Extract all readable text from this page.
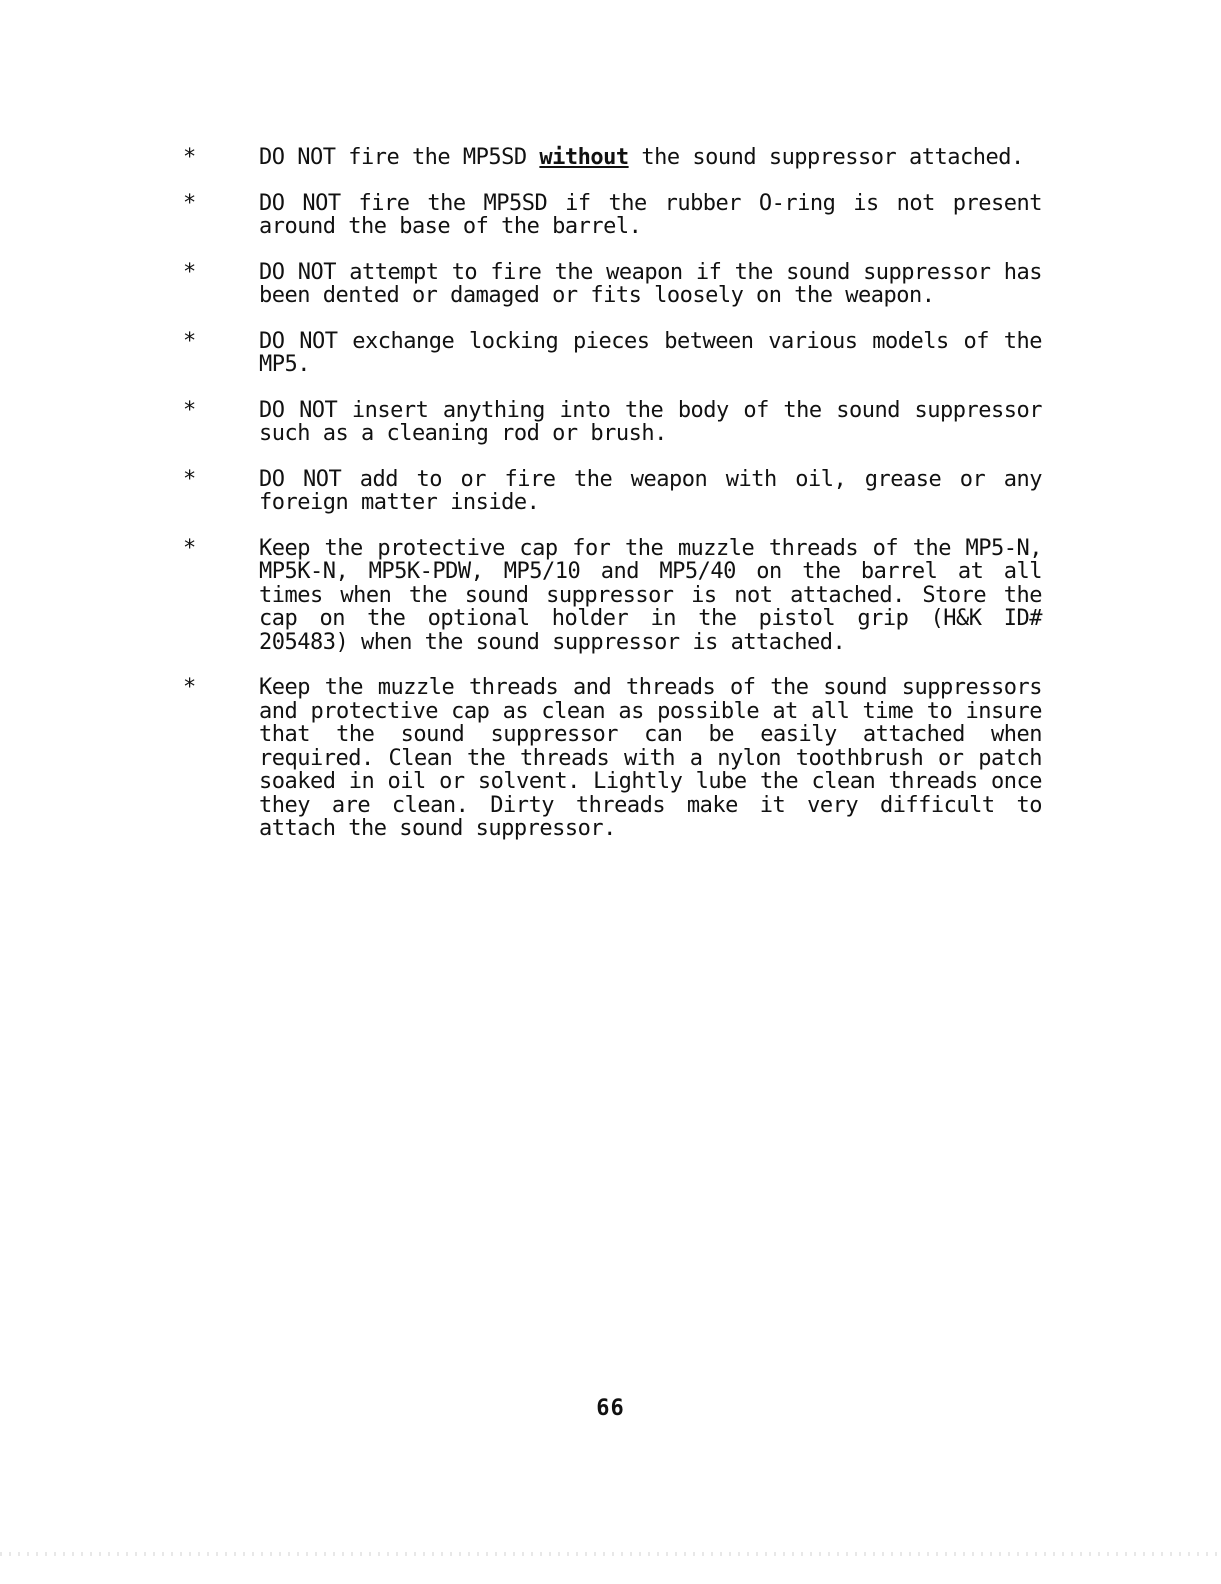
*	DO NOT fire the MP5SD without the sound suppressor attached.
*	DO NOT fire the MP5SD if the rubber O-ring is not present around the base of the barrel.
*	DO NOT attempt to fire the weapon if the sound suppressor has been dented or damaged or fits loosely on the weapon.
*	DO NOT exchange locking pieces between various models of the MP5.
*	DO NOT insert anything into the body of the sound suppressor such as a cleaning rod or brush.
*	DO NOT add to or fire the weapon with oil, grease or any foreign matter inside.
*	Keep the protective cap for the muzzle threads of the MP5-N, MP5K-N, MP5K-PDW, MP5/10 and MP5/40 on the barrel at all times when the sound suppressor is not attached. Store the cap on the optional holder in the pistol grip (H&K ID# 205483) when the sound suppressor is attached.
*	Keep the muzzle threads and threads of the sound suppressors and protective cap as clean as possible at all time to insure that the sound suppressor can be easily attached when required. Clean the threads with a nylon toothbrush or patch soaked in oil or solvent. Lightly lube the clean threads once they are clean. Dirty threads make it very difficult to attach the sound suppressor.
66
